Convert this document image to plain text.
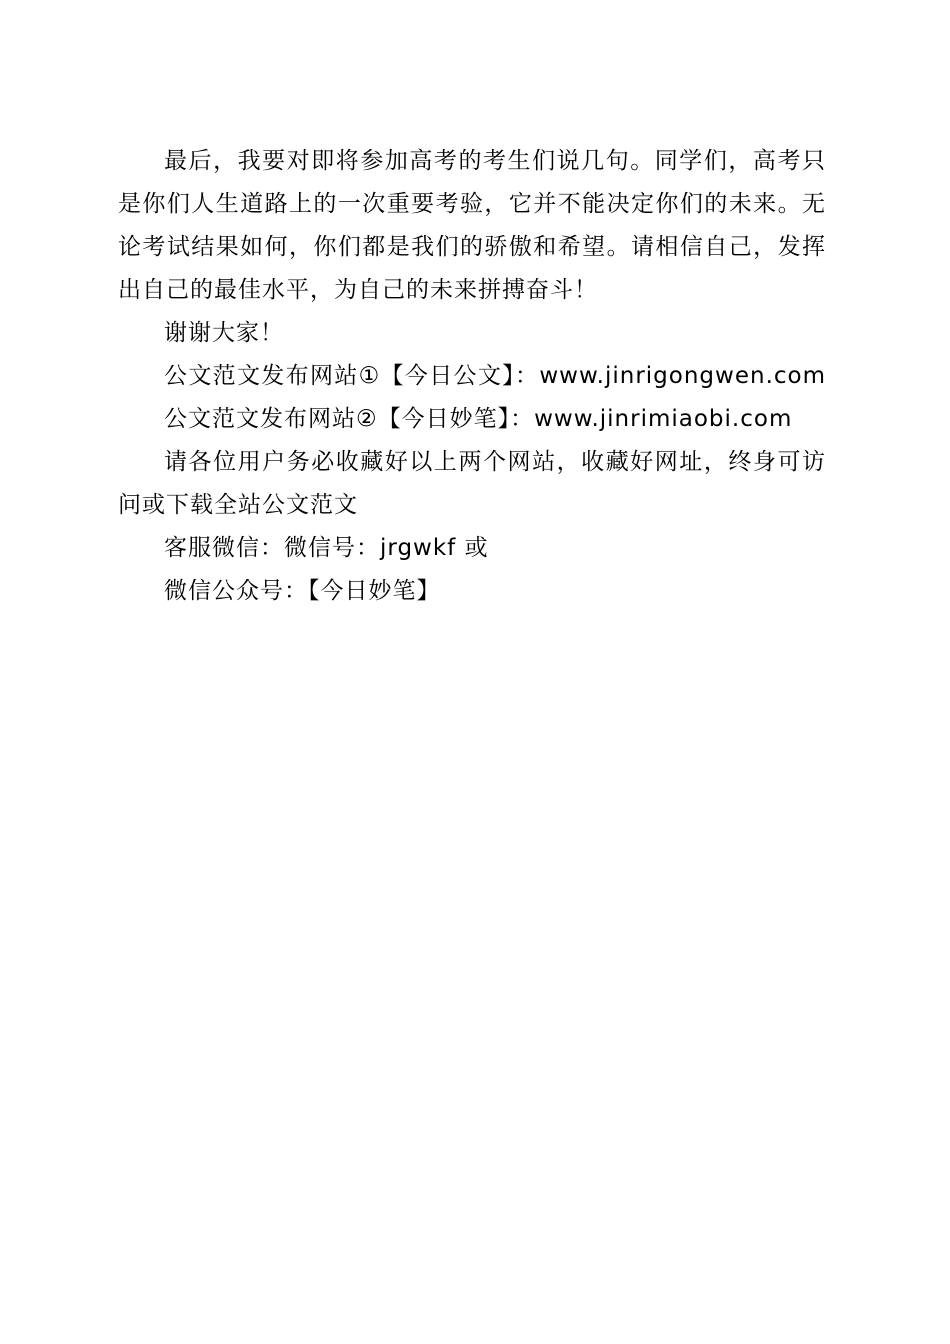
最后，我要对即将参加高考的考生们说几句。同学们，高考只是你们人生道路上的一次重要考验，它并不能决定你们的未来。无论考试结果如何，你们都是我们的骄傲和希望。请相信自己，发挥出自己的最佳水平，为自己的未来拼搏奋斗！

谢谢大家！

公文范文发布网站①【今日公文】：www.jinrigongwen.com

公文范文发布网站②【今日妙笔】：www.jinrimiaobi.com

请各位用户务必收藏好以上两个网站，收藏好网址，终身可访问或下载全站公文范文

客服微信：微信号：jrgwkf 或

微信公众号：【今日妙笔】
